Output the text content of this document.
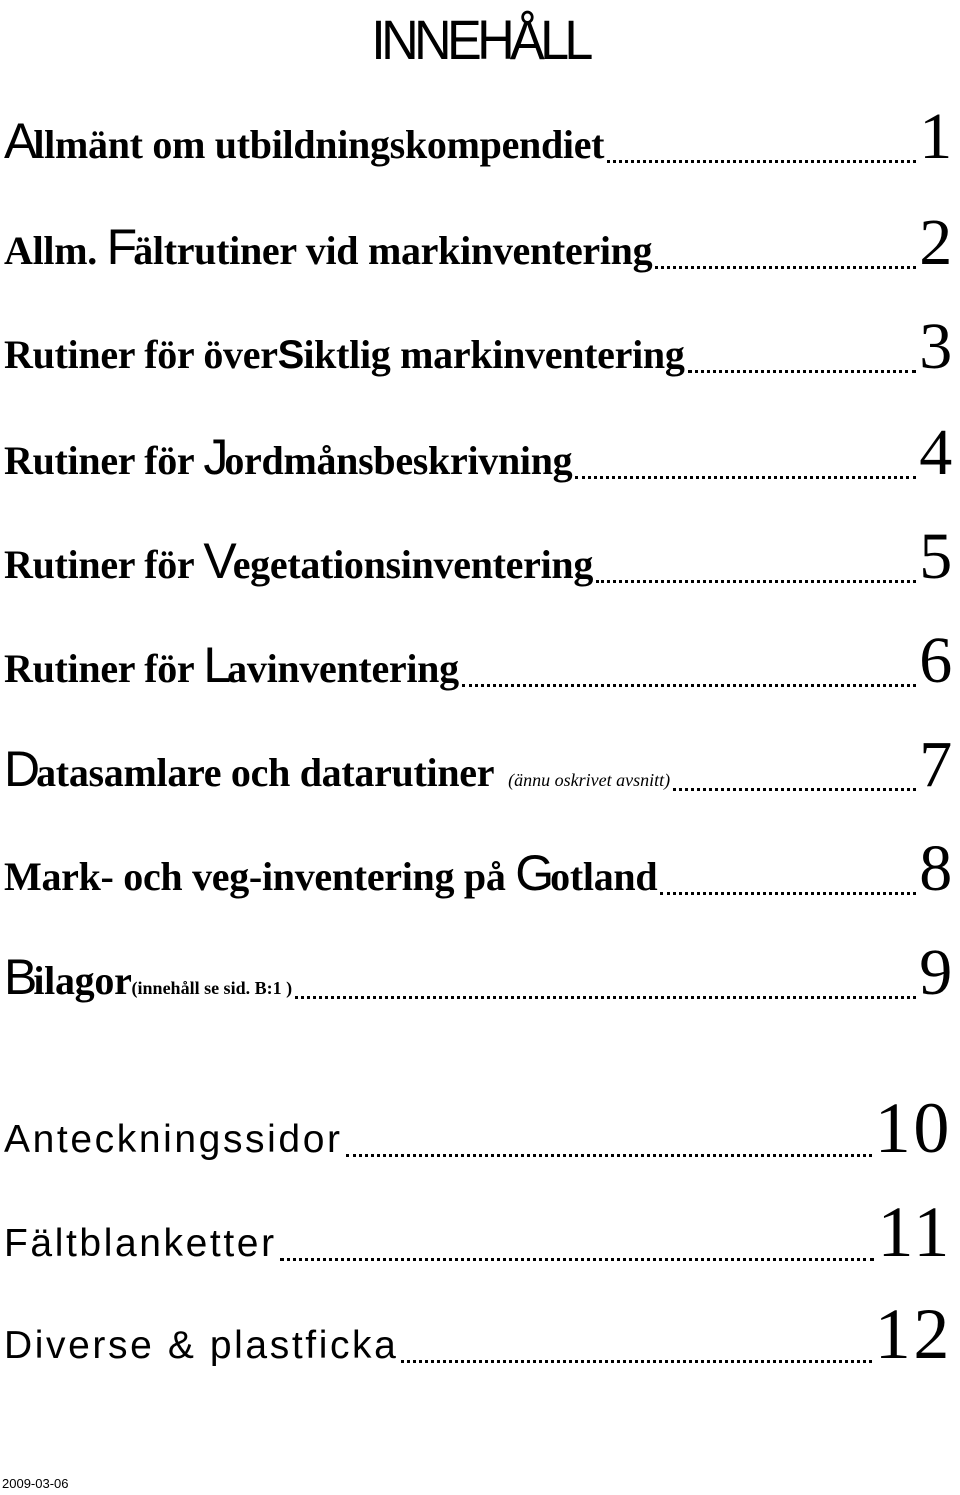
INNEHÅLL
Allmänt om utbildningskompendiet	1
Allm. Fältrutiner vid markinventering	2
Rutiner för överSiktlig markinventering	3
Rutiner för Jordmånsbeskrivning	4
Rutiner för Vegetationsinventering	5
Rutiner för Lavinventering	6
Datasamlare och datarutiner (ännu oskrivet avsnitt)	7
Mark- och veg-inventering på Gotland	8
Bilagor(innehåll se sid. B:1 )	9
Anteckningssidor	10
Fältblanketter	11
Diverse & plastficka	12
2009-03-06
